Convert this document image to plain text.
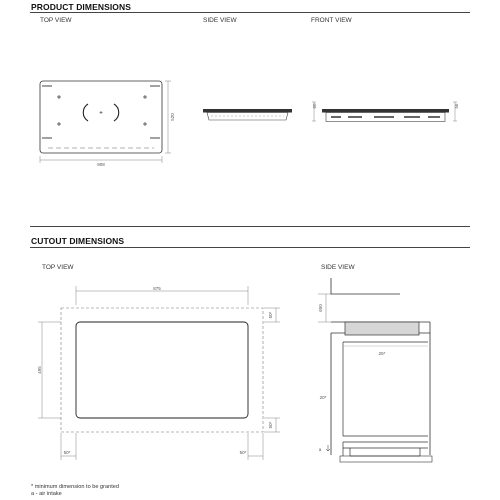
PRODUCT DIMENSIONS
TOP VIEW	SIDE VIEW	FRONT VIEW
CUTOUT DIMENSIONS
TOP VIEW	SIDE VIEW
908
520
60	56
875
495
50*
50*
50*	50*
650
25*
20*
a
* minimum dimension to be granted
a - air intake
